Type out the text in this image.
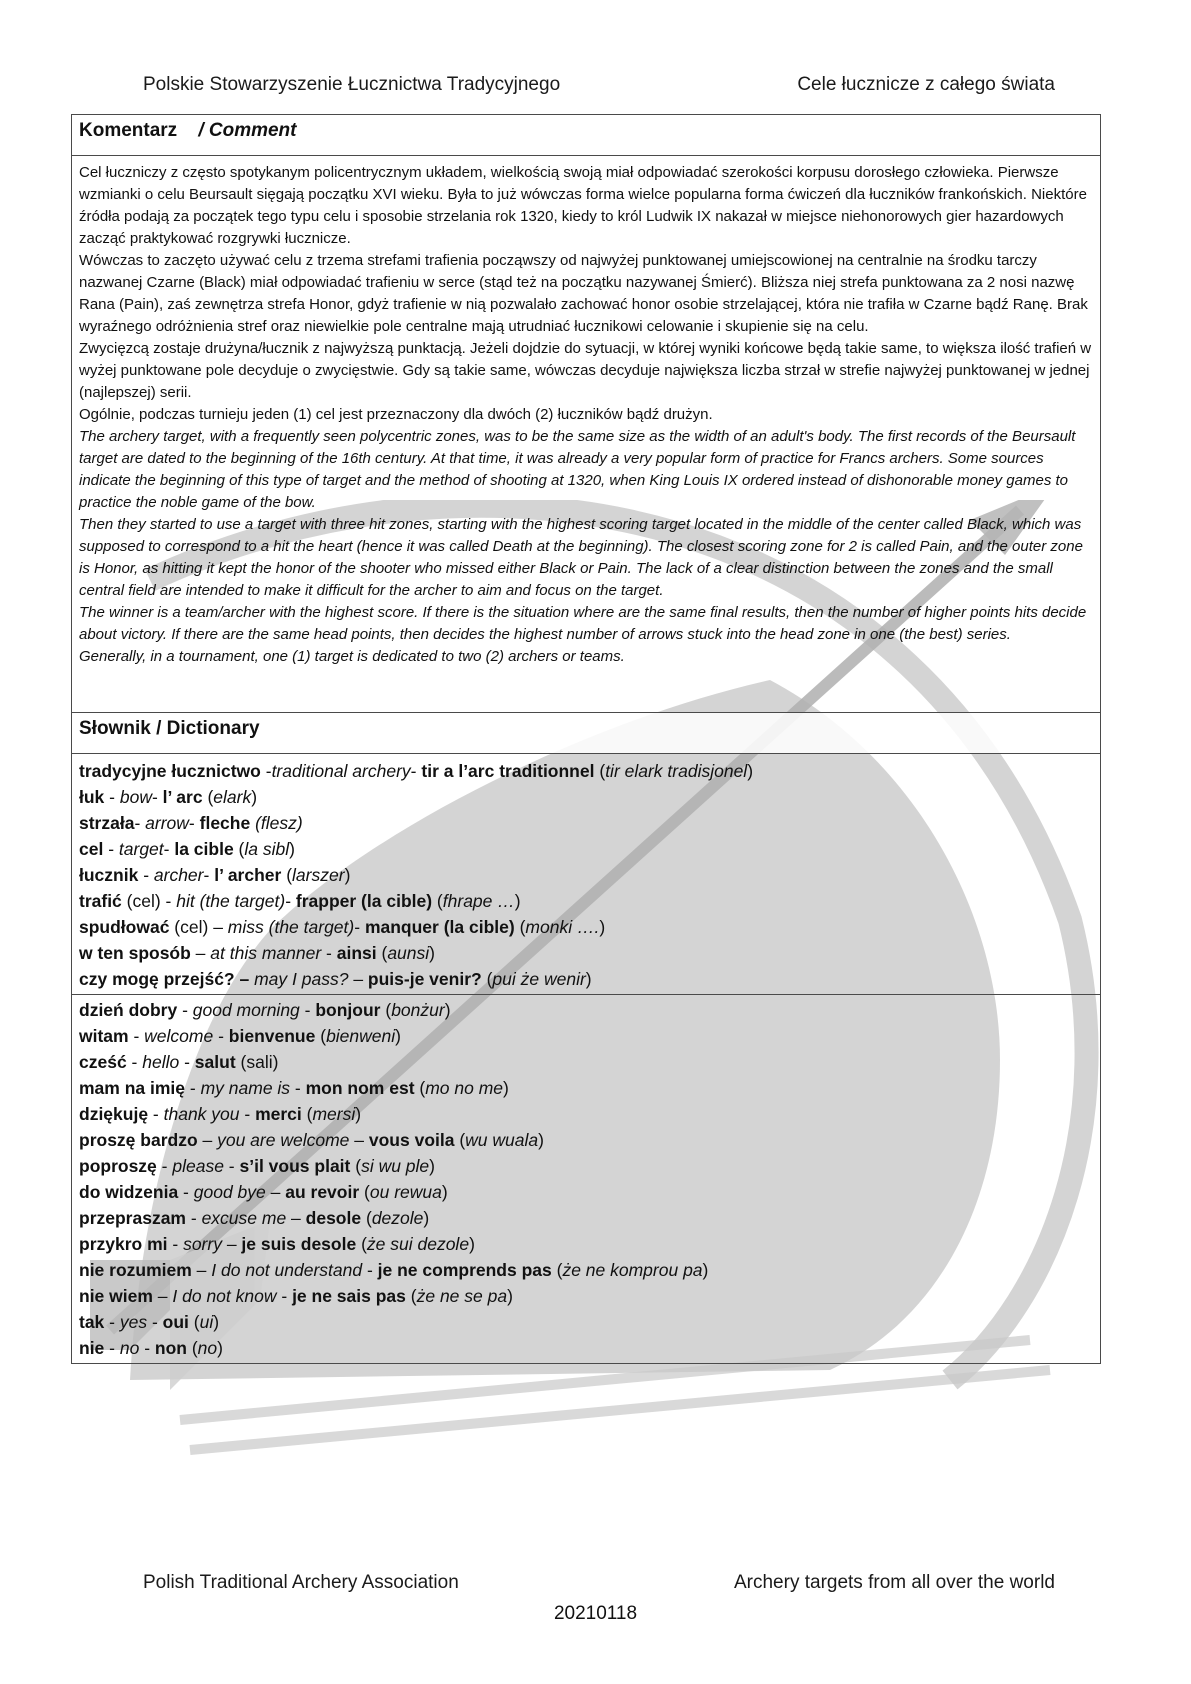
Polskie Stowarzyszenie Łucznictwa Tradycyjnego	Cele łucznicze z całego świata
Komentarz / Comment

Cel łuczniczy z często spotykanym policentrycznym układem, wielkością swoją miał odpowiadać szerokości korpusu dorosłego człowieka. Pierwsze wzmianki o celu Beursault sięgają początku XVI wieku. Była to już wówczas forma wielce popularna forma ćwiczeń dla łuczników frankońskich. Niektóre źródła podają za początek tego typu celu i sposobie strzelania rok 1320, kiedy to król Ludwik IX nakazał w miejsce niehonorowych gier hazardowych zacząć praktykować rozgrywki łucznicze.

Wówczas to zaczęto używać celu z trzema strefami trafienia począwszy od najwyżej punktowanej umiejscowionej na centralnie na środku tarczy nazwanej Czarne (Black) miał odpowiadać trafieniu w serce (stąd też na początku nazywanej Śmierć). Bliższa niej strefa punktowana za 2 nosi nazwę Rana (Pain), zaś zewnętrza strefa Honor, gdyż trafienie w nią pozwalało zachować honor osobie strzelającej, która nie trafiła w Czarne bądź Ranę. Brak wyraźnego odróżnienia stref oraz niewielkie pole centralne mają utrudniać łucznikowi celowanie i skupienie się na celu.

Zwycięzcą zostaje drużyna/łucznik z najwyższą punktacją. Jeżeli dojdzie do sytuacji, w której wyniki końcowe będą takie same, to większa ilość trafień w wyżej punktowane pole decyduje o zwycięstwie. Gdy są takie same, wówczas decyduje największa liczba strzał w strefie najwyżej punktowanej w jednej (najlepszej) serii.

Ogólnie, podczas turnieju jeden (1) cel jest przeznaczony dla dwóch (2) łuczników bądź drużyn.

The archery target, with a frequently seen polycentric zones, was to be the same size as the width of an adult's body. The first records of the Beursault target are dated to the beginning of the 16th century. At that time, it was already a very popular form of practice for Francs archers. Some sources indicate the beginning of this type of target and the method of shooting at 1320, when King Louis IX ordered instead of dishonorable money games to practice the noble game of the bow.

Then they started to use a target with three hit zones, starting with the highest scoring target located in the middle of the center called Black, which was supposed to correspond to a hit the heart (hence it was called Death at the beginning). The closest scoring zone for 2 is called Pain, and the outer zone is Honor, as hitting it kept the honor of the shooter who missed either Black or Pain. The lack of a clear distinction between the zones and the small central field are intended to make it difficult for the archer to aim and focus on the target.

The winner is a team/archer with the highest score. If there is the situation where are the same final results, then the number of higher points hits decide about victory. If there are the same head points, then decides the highest number of arrows stuck into the head zone in one (the best) series.

Generally, in a tournament, one (1) target is dedicated to two (2) archers or teams.

Słownik / Dictionary
tradycyjne łucznictwo -traditional archery- tir a l’arc traditionnel (tir elark tradisjonel)
łuk - bow- l’ arc (elark)
strzała- arrow- fleche (flesz)
cel - target- la cible (la sibl)
łucznik - archer- l’ archer (larszer)
trafić (cel) - hit (the target)- frapper (la cible) (fhrape …)
spudłować (cel) – miss (the target)- manquer (la cible) (monki ….)
w ten sposób – at this manner - ainsi (aunsi)
czy mogę przejść? – may I pass? – puis-je venir? (pui że wenir)
dzień dobry - good morning - bonjour (bonżur)
witam - welcome - bienvenue (bienweni)
cześć - hello - salut (sali)
mam na imię - my name is - mon nom est (mo no me)
dziękuję - thank you - merci (mersi)
proszę bardzo – you are welcome – vous voila (wu wuala)
poproszę - please - s’il vous plait (si wu ple)
do widzenia - good bye – au revoir (ou rewua)
przepraszam - excuse me – desole (dezole)
przykro mi - sorry – je suis desole (że sui dezole)
nie rozumiem – I do not understand - je ne comprends pas (że ne komprou pa)
nie wiem – I do not know - je ne sais pas (że ne se pa)
tak - yes - oui (ui)
nie - no - non (no)
Polish Traditional Archery Association	Archery targets from all over the world
20210118
